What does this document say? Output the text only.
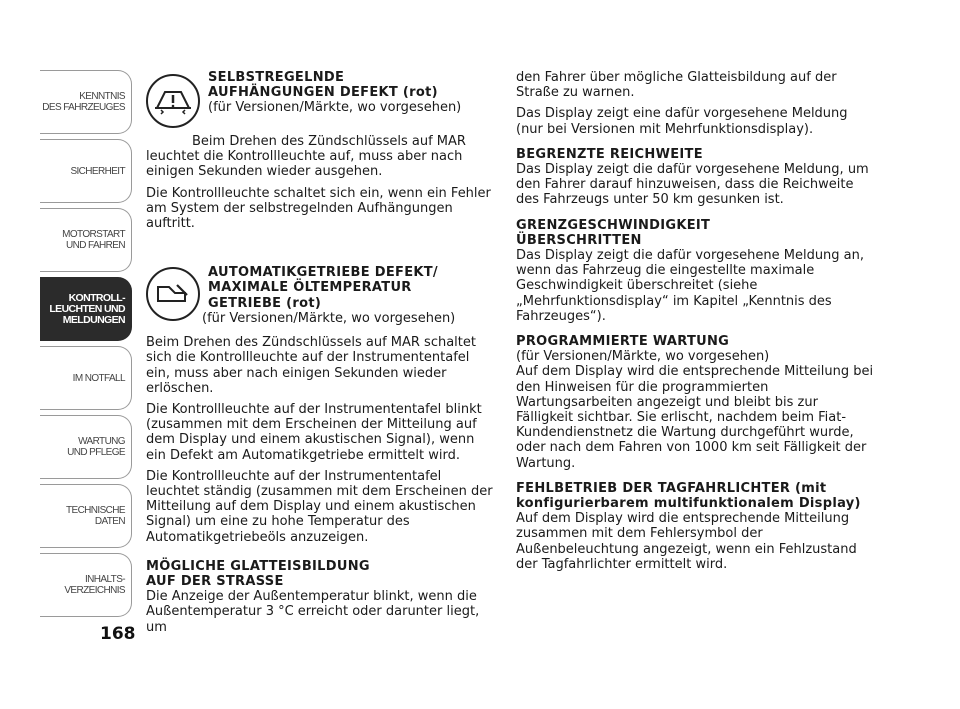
KENNTNIS
DES FAHRZEUGES
SICHERHEIT
MOTORSTART
UND FAHREN
KONTROLL-
LEUCHTEN UND
MELDUNGEN
IM NOTFALL
WARTUNG
UND PFLEGE
TECHNISCHE
DATEN
INHALTS-
VERZEICHNIS
168
SELBSTREGELNDE
AUFHÄNGUNGEN DEFEKT (rot)

(für Versionen/Märkte, wo vorgesehen)

Beim Drehen des Zündschlüssels auf MAR leuchtet die Kontrollleuchte auf, muss aber nach einigen Sekunden wieder ausgehen.

Die Kontrollleuchte schaltet sich ein, wenn ein Fehler am System der selbstregelnden Aufhängungen auftritt.

AUTOMATIKGETRIEBE DEFEKT/
MAXIMALE ÖLTEMPERATUR
GETRIEBE (rot)

(für Versionen/Märkte, wo vorgesehen)

Beim Drehen des Zündschlüssels auf MAR schaltet sich die Kontrollleuchte auf der Instrumententafel ein, muss aber nach einigen Sekunden wieder erlöschen.

Die Kontrollleuchte auf der Instrumententafel blinkt (zusammen mit dem Erscheinen der Mitteilung auf dem Display und einem akustischen Signal), wenn ein Defekt am Automatikgetriebe ermittelt wird.

Die Kontrollleuchte auf der Instrumententafel leuchtet ständig (zusammen mit dem Erscheinen der Mitteilung auf dem Display und einem akustischen Signal) um eine zu hohe Temperatur des Automatikgetriebeöls anzuzeigen.

MÖGLICHE GLATTEISBILDUNG
AUF DER STRASSE

Die Anzeige der Außentemperatur blinkt, wenn die Außentemperatur 3 °C erreicht oder darunter liegt, um

den Fahrer über mögliche Glatteisbildung auf der Straße zu warnen.

Das Display zeigt eine dafür vorgesehene Meldung (nur bei Versionen mit Mehrfunktionsdisplay).

BEGRENZTE REICHWEITE

Das Display zeigt die dafür vorgesehene Meldung, um den Fahrer darauf hinzuweisen, dass die Reichweite des Fahrzeugs unter 50 km gesunken ist.

GRENZGESCHWINDIGKEIT
ÜBERSCHRITTEN

Das Display zeigt die dafür vorgesehene Meldung an, wenn das Fahrzeug die eingestellte maximale Geschwindigkeit überschreitet (siehe „Mehrfunktionsdisplay“ im Kapitel „Kenntnis des Fahrzeuges“).

PROGRAMMIERTE WARTUNG

(für Versionen/Märkte, wo vorgesehen)

Auf dem Display wird die entsprechende Mitteilung bei den Hinweisen für die programmierten Wartungsarbeiten angezeigt und bleibt bis zur Fälligkeit sichtbar. Sie erlischt, nachdem beim Fiat-Kundendienstnetz die Wartung durchgeführt wurde, oder nach dem Fahren von 1000 km seit Fälligkeit der Wartung.

FEHLBETRIEB DER TAGFAHRLICHTER (mit
konfigurierbarem multifunktionalem Display)

Auf dem Display wird die entsprechende Mitteilung zusammen mit dem Fehlersymbol der Außenbeleuchtung angezeigt, wenn ein Fehlzustand der Tagfahrlichter ermittelt wird.
